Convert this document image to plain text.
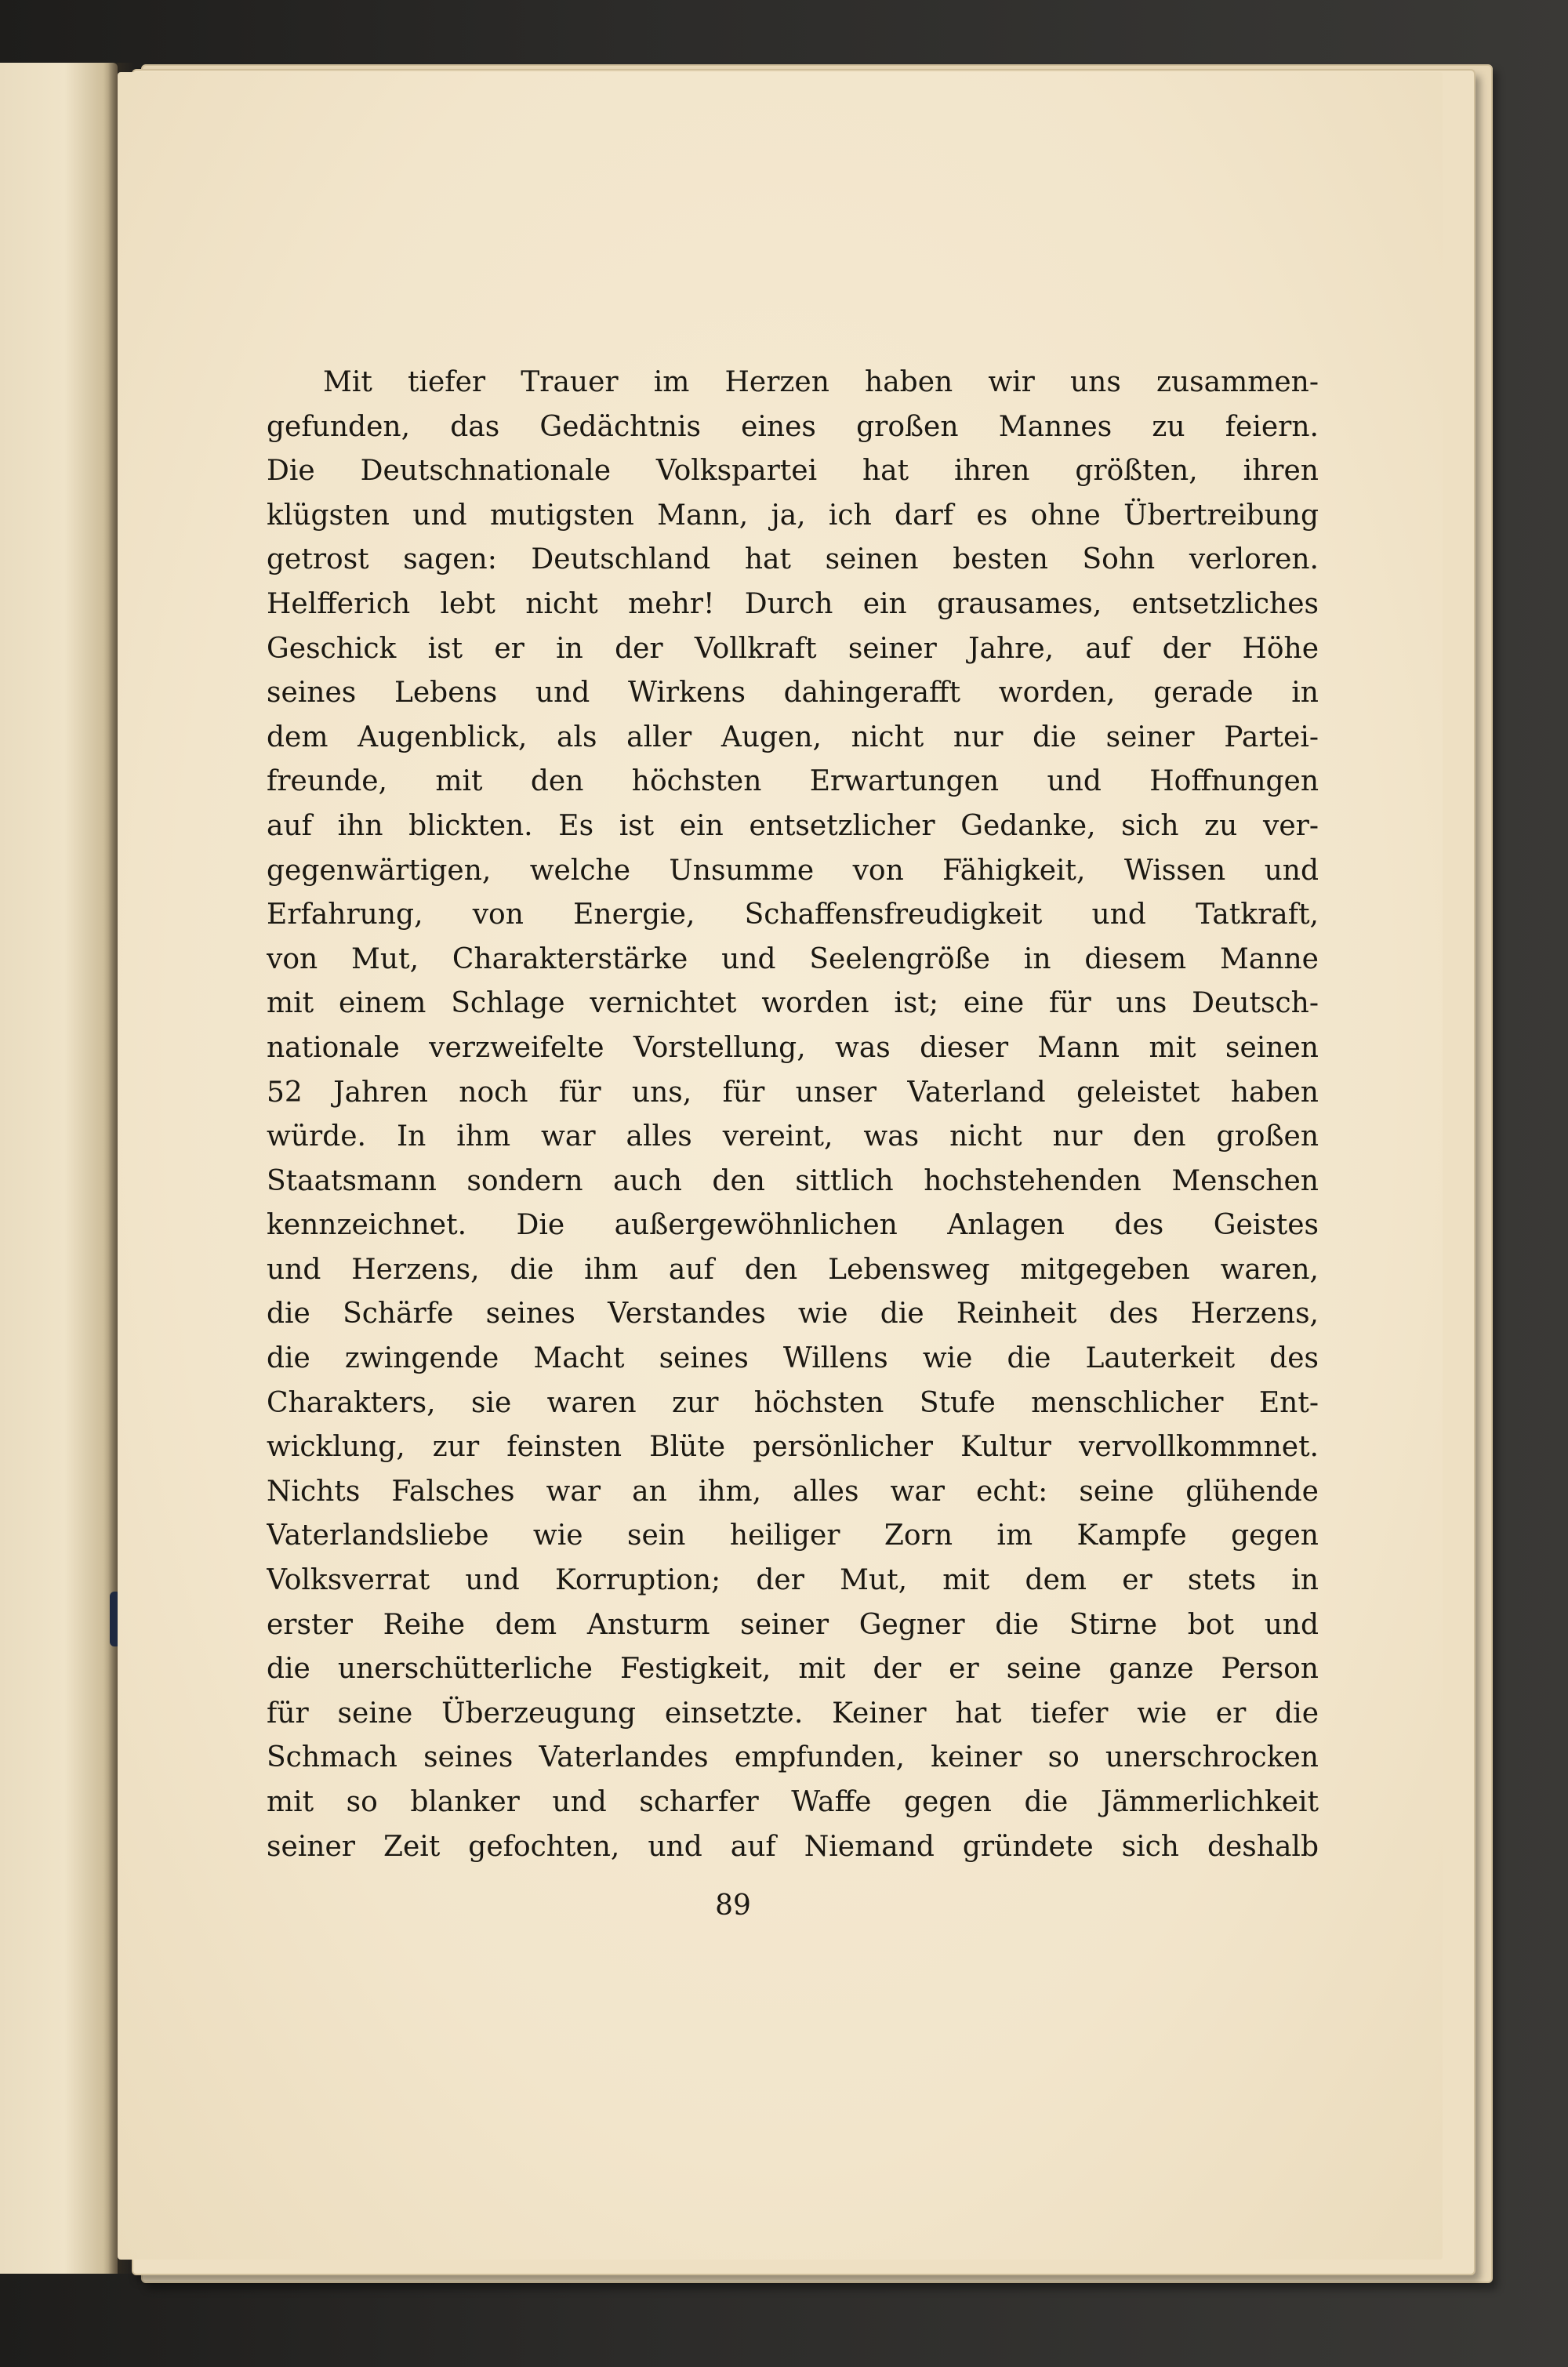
Mit tiefer Trauer im Herzen haben wir uns zusammen-
gefunden, das Gedächtnis eines großen Mannes zu feiern.
Die Deutschnationale Volkspartei hat ihren größten, ihren
klügsten und mutigsten Mann, ja, ich darf es ohne Übertreibung
getrost sagen: Deutschland hat seinen besten Sohn verloren.
Helfferich lebt nicht mehr! Durch ein grausames, entsetzliches
Geschick ist er in der Vollkraft seiner Jahre, auf der Höhe
seines Lebens und Wirkens dahingerafft worden, gerade in
dem Augenblick, als aller Augen, nicht nur die seiner Partei-
freunde, mit den höchsten Erwartungen und Hoffnungen
auf ihn blickten. Es ist ein entsetzlicher Gedanke, sich zu ver-
gegenwärtigen, welche Unsumme von Fähigkeit, Wissen und
Erfahrung, von Energie, Schaffensfreudigkeit und Tatkraft,
von Mut, Charakterstärke und Seelengröße in diesem Manne
mit einem Schlage vernichtet worden ist; eine für uns Deutsch-
nationale verzweifelte Vorstellung, was dieser Mann mit seinen
52 Jahren noch für uns, für unser Vaterland geleistet haben
würde. In ihm war alles vereint, was nicht nur den großen
Staatsmann sondern auch den sittlich hochstehenden Menschen
kennzeichnet. Die außergewöhnlichen Anlagen des Geistes
und Herzens, die ihm auf den Lebensweg mitgegeben waren,
die Schärfe seines Verstandes wie die Reinheit des Herzens,
die zwingende Macht seines Willens wie die Lauterkeit des
Charakters, sie waren zur höchsten Stufe menschlicher Ent-
wicklung, zur feinsten Blüte persönlicher Kultur vervollkommnet.
Nichts Falsches war an ihm, alles war echt: seine glühende
Vaterlandsliebe wie sein heiliger Zorn im Kampfe gegen
Volksverrat und Korruption; der Mut, mit dem er stets in
erster Reihe dem Ansturm seiner Gegner die Stirne bot und
die unerschütterliche Festigkeit, mit der er seine ganze Person
für seine Überzeugung einsetzte. Keiner hat tiefer wie er die
Schmach seines Vaterlandes empfunden, keiner so unerschrocken
mit so blanker und scharfer Waffe gegen die Jämmerlichkeit
seiner Zeit gefochten, und auf Niemand gründete sich deshalb
89
